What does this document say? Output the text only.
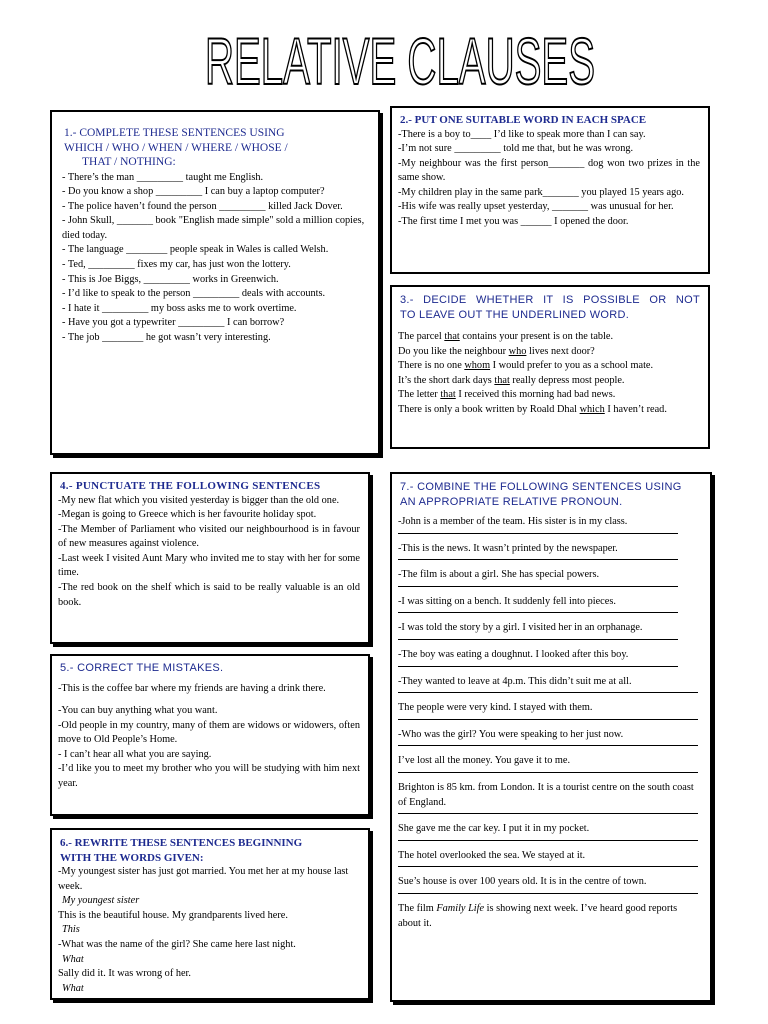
RELATIVE CLAUSES
1.- COMPLETE THESE SENTENCES USING
WHICH / WHO / WHEN / WHERE / WHOSE /
THAT / NOTHING:

- There’s the man _________ taught me English.

- Do you know a shop _________ I can buy a laptop computer?

- The police haven’t found the person _________ killed Jack Dover.

- John Skull, _______ book "English made simple" sold a million copies, died today.

- The language ________ people speak in Wales is called Welsh.

- Ted, _________ fixes my car, has just won the lottery.

- This is Joe Biggs, _________ works in Greenwich.

- I’d like to speak to the person _________ deals with accounts.

- I hate it _________ my boss asks me to work overtime.

- Have you got a typewriter _________ I can borrow?

- The job ________ he got wasn’t very interesting.

2.- PUT ONE SUITABLE WORD IN EACH SPACE

-There is a boy to____ I’d like to speak more than I can say.

-I’m not sure _________ told me that, but he was wrong.

-My neighbour was the first person_______ dog won two prizes in the same show.

-My children play in the same park_______ you played 15 years ago.

-His wife was really upset yesterday, _______ was unusual for her.

-The first time I met you was ______ I opened the door.

3.- DECIDE WHETHER IT IS POSSIBLE OR NOT
TO LEAVE OUT THE UNDERLINED WORD.

The parcel that contains your present is on the table.

Do you like the neighbour who lives next door?

There is no one whom I would prefer to you as a school mate.

It’s the short dark days that really depress most people.

The letter that I received this morning had bad news.

There is only a book written by Roald Dhal which I haven’t read.

4.- PUNCTUATE THE FOLLOWING SENTENCES

-My new flat which you visited yesterday is bigger than the old one.

-Megan is going to Greece which is her favourite holiday spot.

-The Member of Parliament who visited our neighbourhood is in favour of new measures against violence.

-Last week I visited Aunt Mary who invited me to stay with her for some time.

-The red book on the shelf which is said to be really valuable is an old book.

5.- CORRECT THE MISTAKES.

-This is the coffee bar where my friends are having a drink there.

-You can buy anything what you want.

-Old people in my country, many of them are widows or widowers, often move to Old People’s Home.

- I can’t hear all what you are saying.

-I’d like you to meet my brother who you will be studying with him next year.

6.- REWRITE THESE SENTENCES BEGINNING
WITH THE WORDS GIVEN:

-My youngest sister has just got married. You met her at my house last week.

My youngest sister

This is the beautiful house. My grandparents lived here.

This

-What was the name of the girl? She came here last night.

What

Sally did it. It was wrong of her.

What

7.- COMBINE THE FOLLOWING SENTENCES USING
AN APPROPRIATE RELATIVE PRONOUN.

-John is a member of the team. His sister is in my class.

-This is the news. It wasn’t printed by the newspaper.

-The film is about a girl. She has special powers.

-I was sitting on a bench. It suddenly fell into pieces.

-I was told the story by a girl. I visited her in an orphanage.

-The boy was eating a doughnut. I looked after this boy.

-They wanted to leave at 4p.m. This didn’t suit me at all.

The people were very kind. I stayed with them.

-Who was the girl? You were speaking to her just now.

I’ve lost all the money. You gave it to me.

Brighton is 85 km. from London. It is a tourist centre on the south coast of England.

She gave me the car key. I put it in my pocket.

The hotel overlooked the sea. We stayed at it.

Sue’s house is over 100 years old. It is in the centre of town.

The film Family Life is showing next week. I’ve heard good reports about it.
